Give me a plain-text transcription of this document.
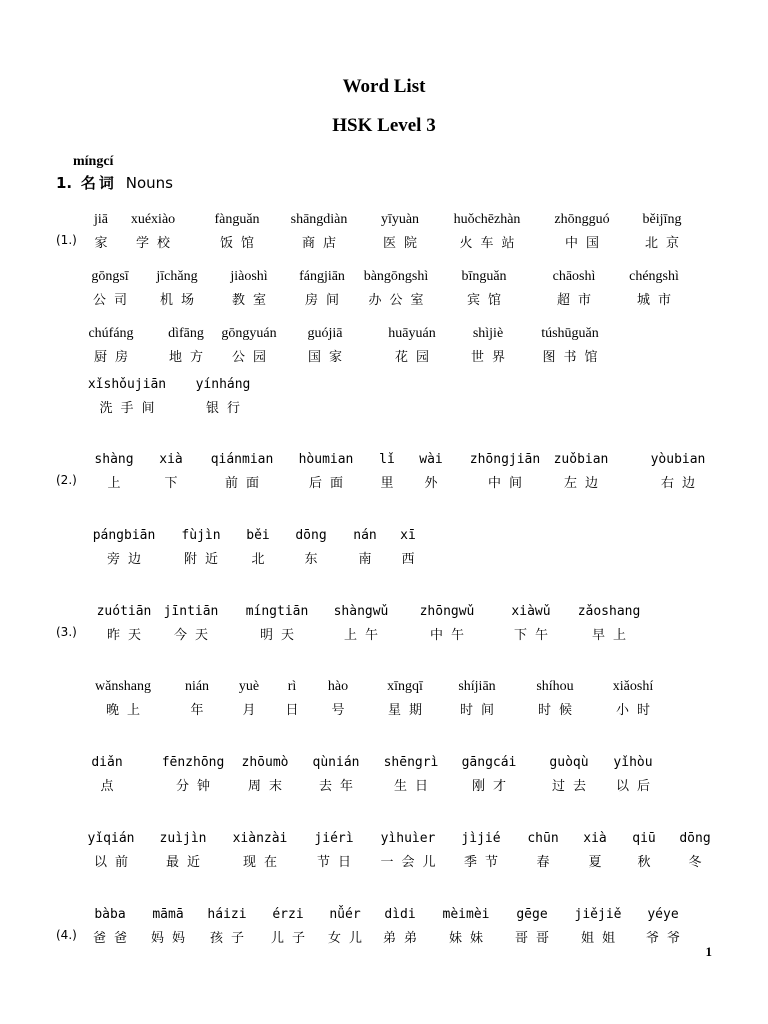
Word List
HSK Level 3

míngcí

1. 名词 Nouns

(1.)
jiā
家
xuéxiào
学校
fànguǎn
饭馆
shāngdiàn
商店
yīyuàn
医院
huǒchēzhàn
火车站
zhōngguó
中国
běijīng
北京
gōngsī
公司
jīchǎng
机场
jiàoshì
教室
fángjiān
房间
bàngōngshì
办公室
bīnguǎn
宾馆
chāoshì
超市
chéngshì
城市
chúfáng
厨房
dìfāng
地方
gōngyuán
公园
guójiā
国家
huāyuán
花园
shìjiè
世界
túshūguǎn
图书馆
xǐshǒujiān
洗手间
yínháng
银行
(2.)
shàng
上
xià
下
qiánmian
前面
hòumian
后面
lǐ
里
wài
外
zhōngjiān
中间
zuǒbian
左边
yòubian
右边
pángbiān
旁边
fùjìn
附近
běi
北
dōng
东
nán
南
xī
西
(3.)
zuótiān
昨天
jīntiān
今天
míngtiān
明天
shàngwǔ
上午
zhōngwǔ
中午
xiàwǔ
下午
zǎoshang
早上
wǎnshang
晚上
nián
年
yuè
月
rì
日
hào
号
xīngqī
星期
shíjiān
时间
shíhou
时候
xiǎoshí
小时
diǎn
点
fēnzhōng
分钟
zhōumò
周末
qùnián
去年
shēngrì
生日
gāngcái
刚才
guòqù
过去
yǐhòu
以后
yǐqián
以前
zuìjìn
最近
xiànzài
现在
jiérì
节日
yìhuìer
一会儿
jìjié
季节
chūn
春
xià
夏
qiū
秋
dōng
冬
(4.)
bàba
爸爸
māmā
妈妈
háizi
孩子
érzi
儿子
nǚér
女儿
dìdi
弟弟
mèimèi
妹妹
gēge
哥哥
jiějiě
姐姐
yéye
爷爷
1
